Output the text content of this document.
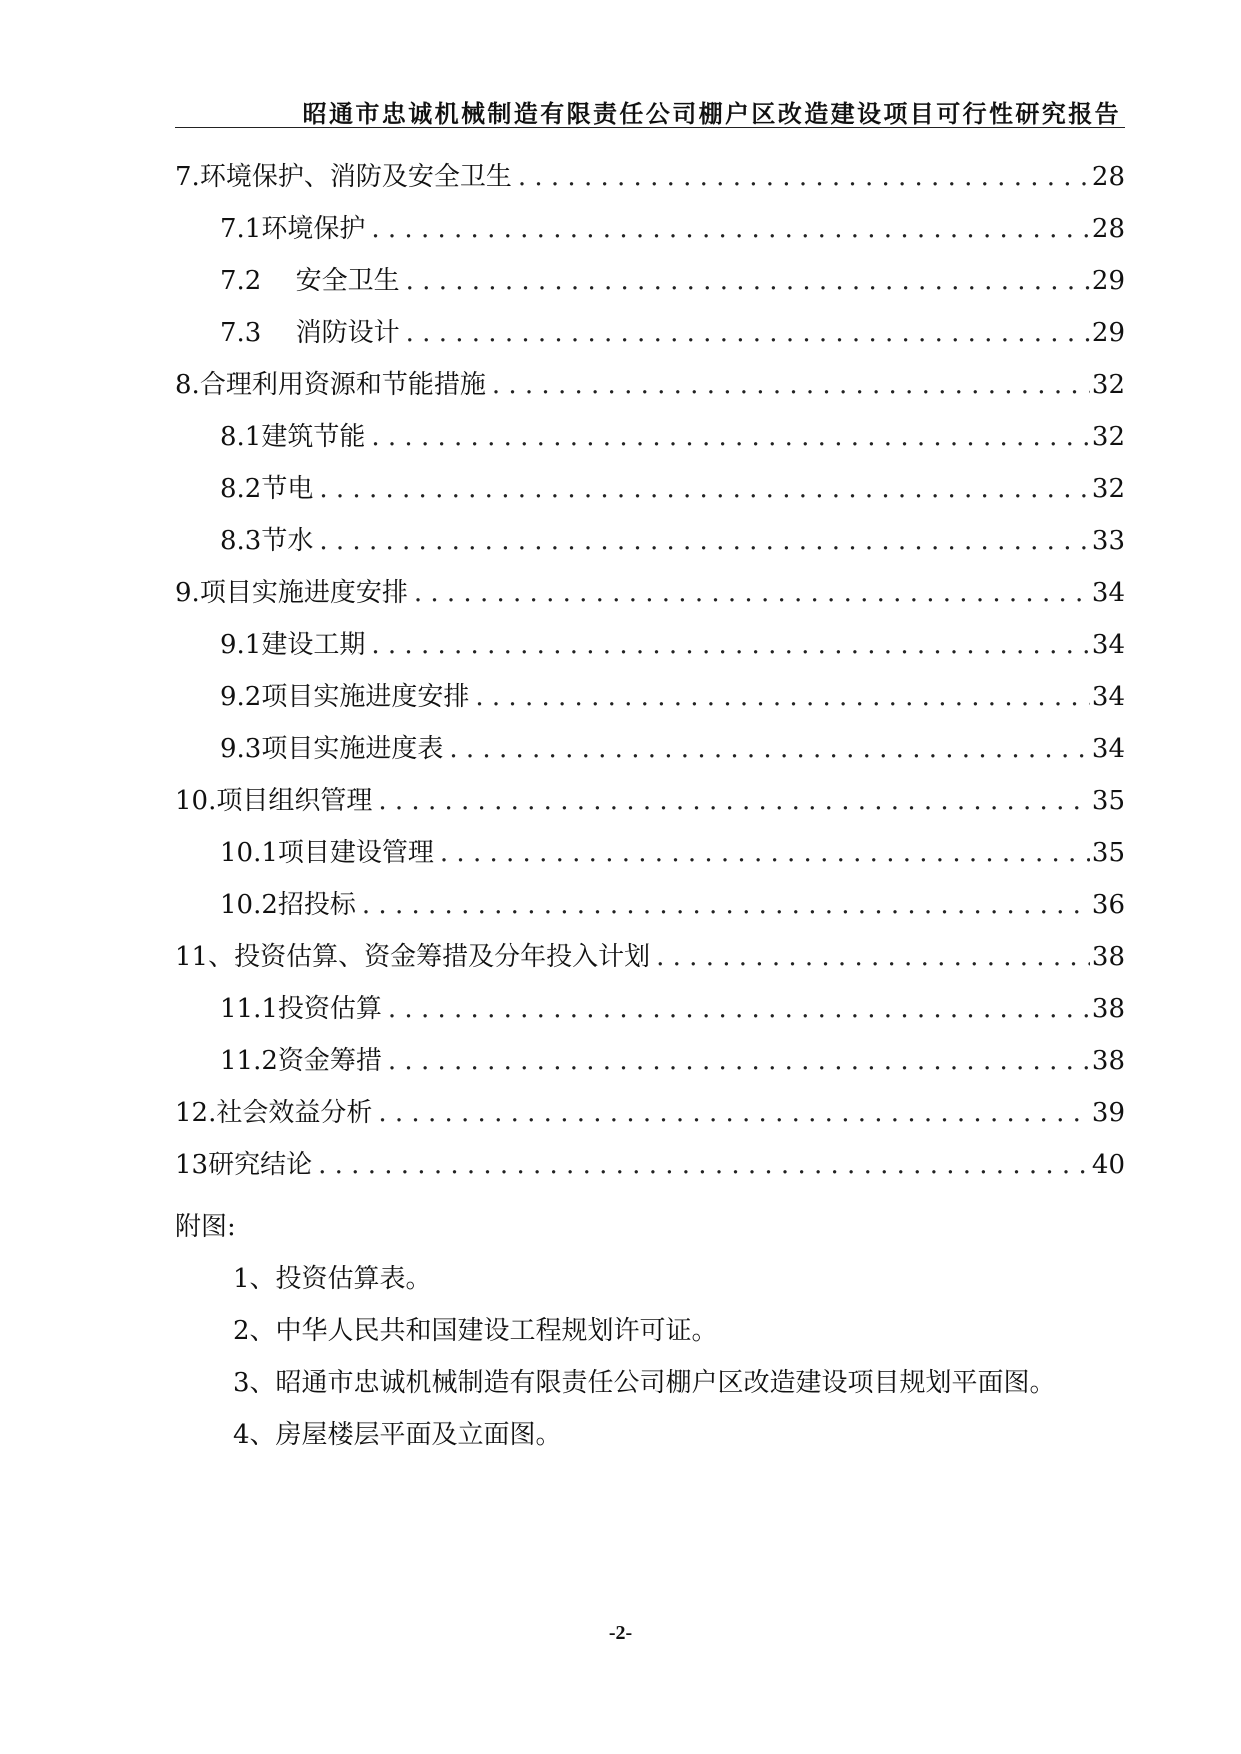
昭通市忠诚机械制造有限责任公司棚户区改造建设项目可行性研究报告
7. 环境保护、消防及安全卫生 . . .	28
7.1 环境保护 . . .	28
7.2 　 安全卫生 . . .	29
7.3 　 消防设计 . . .	29
8. 合理利用资源和节能措施 . . .	32
8.1 建筑节能 . . .	32
8.2 节电 . . .	32
8.3 节水 . . .	33
9. 项目实施进度安排 . . .	34
9.1 建设工期 . . .	34
9.2 项目实施进度安排 . . .	34
9.3 项目实施进度表 . . .	34
10. 项目组织管理 . . .	35
10.1 项目建设管理 . . .	35
10.2 招投标 . . .	36
11、 投资估算、资金筹措及分年投入计划 . . .	38
11.1 投资估算 . . .	38
11.2 资金筹措 . . .	38
12. 社会效益分析 . . .	39
13 研究结论 . . .	40
附图:
1、投资估算表。
2、中华人民共和国建设工程规划许可证。
3、昭通市忠诚机械制造有限责任公司棚户区改造建设项目规划平面图。
4、房屋楼层平面及立面图。
-2-
